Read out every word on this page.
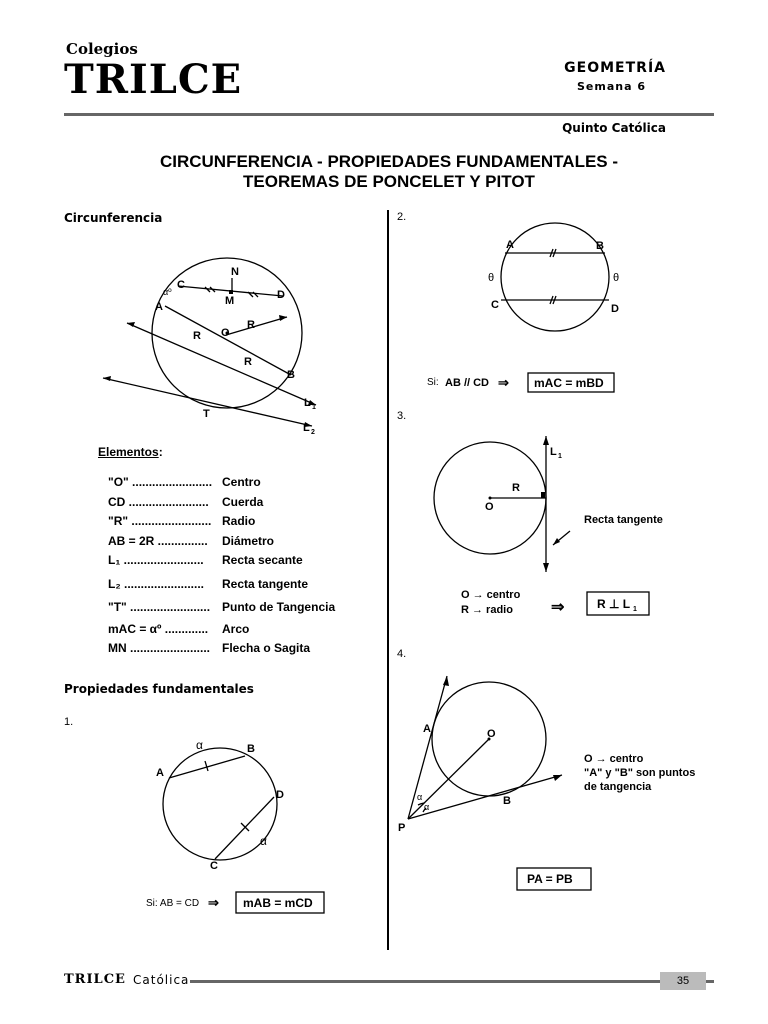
Colegios
TRILCE	GEOMETRÍA
Semana 6
Quinto Católica
CIRCUNFERENCIA - PROPIEDADES FUNDAMENTALES -
TEOREMAS DE PONCELET Y PITOT
Circunferencia
N
C
αº
A	M	D
R
O
R
R
B
T
L 1
L 2
α	B
A
D
α
C
Si: AB = CD ⇒ mAB = mCD
A	B
θ	θ
C	D
Si: AB // CD ⇒ mAC = mBD
L 1
R
O
Recta tangente
O → centro
R → radio ⇒	R ⊥ L 1
A	O
α
α	B
P
O → centro
"A" y "B" son puntos
de tangencia
PA = PB
Elementos:
"O" ........................ Centro
CD ........................ Cuerda
"R" ........................ Radio
AB = 2R ............... Diámetro
L₁ ........................ Recta secante
L₂ ........................ Recta tangente
"T" ........................ Punto de Tangencia
mAC = αº ............. Arco
MN ........................ Flecha o Sagita
Propiedades fundamentales
1.
2.
3.
4.
TRILCE Católica	35
